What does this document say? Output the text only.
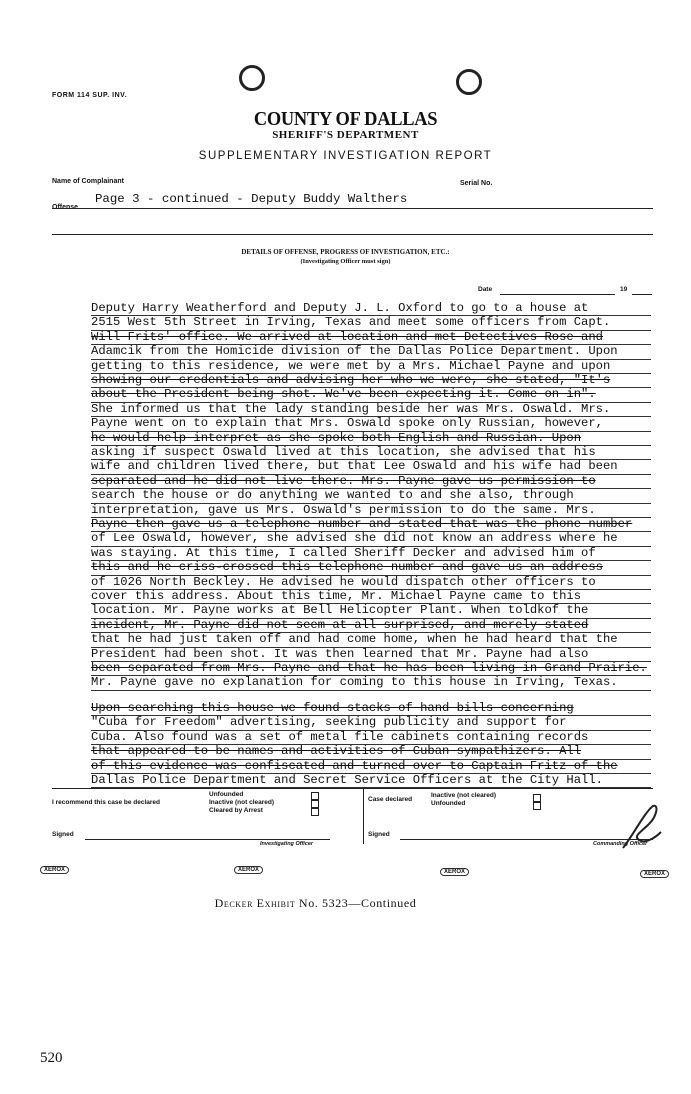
FORM 114 SUP. INV.
COUNTY OF DALLAS
SHERIFF'S DEPARTMENT
SUPPLEMENTARY INVESTIGATION REPORT
Name of Complainant	Serial No.
Offense
Page 3 - continued - Deputy Buddy Walthers
DETAILS OF OFFENSE, PROGRESS OF INVESTIGATION, ETC.:
(Investigating Officer must sign)
Date	19
Deputy Harry Weatherford and Deputy J. L. Oxford to go to a house at
2515 West 5th Street in Irving, Texas and meet some officers from Capt.
Will Frits' office. We arrived at location and met Detectives Rose and
Adamcik from the Homicide division of the Dallas Police Department. Upon
getting to this residence, we were met by a Mrs. Michael Payne and upon
showing our credentials and advising her who we were, she stated, "It's
about the President being shot. We've been expecting it. Come on in".
She informed us that the lady standing beside her was Mrs. Oswald. Mrs.
Payne went on to explain that Mrs. Oswald spoke only Russian, however,
he would help interpret as she spoke both English and Russian. Upon
asking if suspect Oswald lived at this location, she advised that his
wife and children lived there, but that Lee Oswald and his wife had been
separated and he did not live there. Mrs. Payne gave us permission to
search the house or do anything we wanted to and she also, through
interpretation, gave us Mrs. Oswald's permission to do the same. Mrs.
Payne then gave us a telephone number and stated that was the phone number
of Lee Oswald, however, she advised she did not know an address where he
was staying. At this time, I called Sheriff Decker and advised him of
this and he criss-crossed this telephone number and gave us an address
of 1026 North Beckley. He advised he would dispatch other officers to
cover this address. About this time, Mr. Michael Payne came to this
location. Mr. Payne works at Bell Helicopter Plant. When toldkof the
incident, Mr. Payne did not seem at all surprised, and merely stated
that he had just taken off and had come home, when he had heard that the
President had been shot. It was then learned that Mr. Payne had also
been separated from Mrs. Payne and that he has been living in Grand Prairie.
Mr. Payne gave no explanation for coming to this house in Irving, Texas.
Upon searching this house we found stacks of hand bills concerning
"Cuba for Freedom" advertising, seeking publicity and support for
Cuba. Also found was a set of metal file cabinets containing records
that appeared to be names and activities of Cuban sympathizers. All
of this evidence was confiscated and turned over to Captain Fritz of the
Dallas Police Department and Secret Service Officers at the City Hall.
I recommend this case be declared
Unfounded
Inactive (not cleared)
Cleared by Arrest
Case declared
Inactive (not cleared)
Unfounded
Signed	Signed
Investigating Officer	Commanding Officer
XEROX	XEROX	XEROX	XEROX
Decker Exhibit No. 5323—Continued
520
